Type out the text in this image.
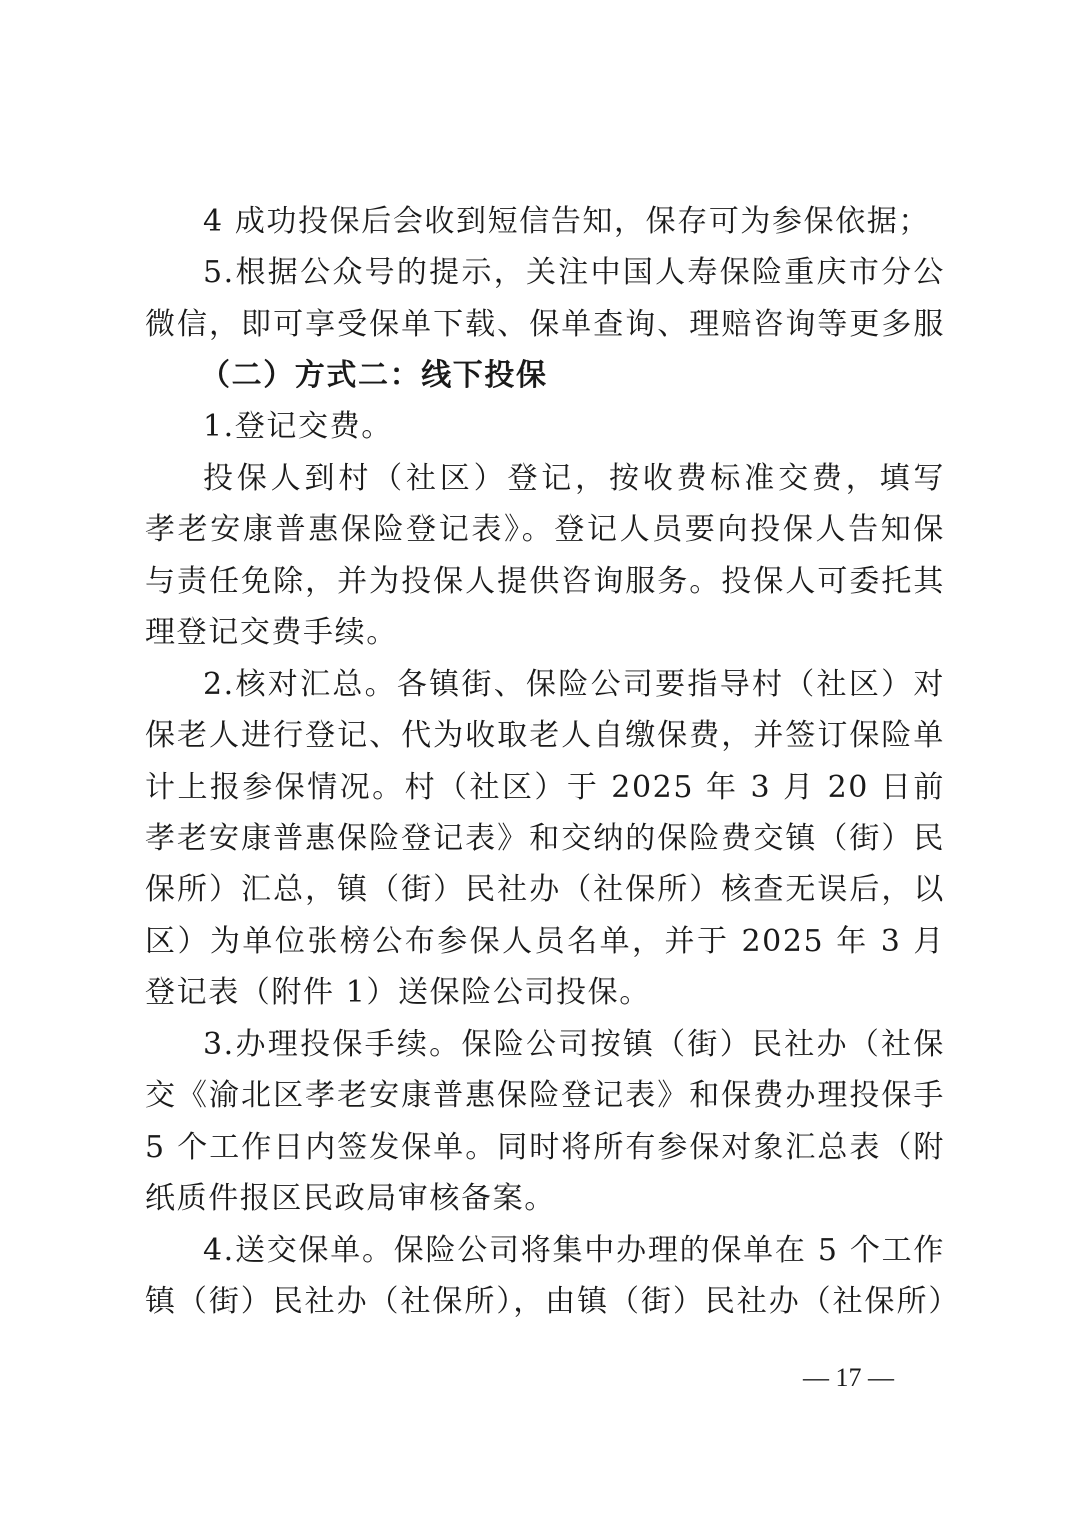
4 成功投保后会收到短信告知，保存可为参保依据；
5.根据公众号的提示，关注中国人寿保险重庆市分公
微信，即可享受保单下载、保单查询、理赔咨询等更多服
（二）方式二：线下投保
1.登记交费。
投保人到村（社区）登记，按收费标准交费，填写
孝老安康普惠保险登记表》。登记人员要向投保人告知保
与责任免除，并为投保人提供咨询服务。投保人可委托其
理登记交费手续。
2.核对汇总。各镇街、保险公司要指导村（社区）对
保老人进行登记、代为收取老人自缴保费，并签订保险单
计上报参保情况。村（社区）于 2025 年 3 月 20 日前
孝老安康普惠保险登记表》和交纳的保险费交镇（街）民
保所）汇总，镇（街）民社办（社保所）核查无误后，以
区）为单位张榜公布参保人员名单，并于 2025 年 3 月
登记表（附件 1）送保险公司投保。
3.办理投保手续。保险公司按镇（街）民社办（社保
交《渝北区孝老安康普惠保险登记表》和保费办理投保手
5 个工作日内签发保单。同时将所有参保对象汇总表（附
纸质件报区民政局审核备案。
4.送交保单。保险公司将集中办理的保单在 5 个工作
镇（街）民社办（社保所），由镇（街）民社办（社保所）
— 17 —
